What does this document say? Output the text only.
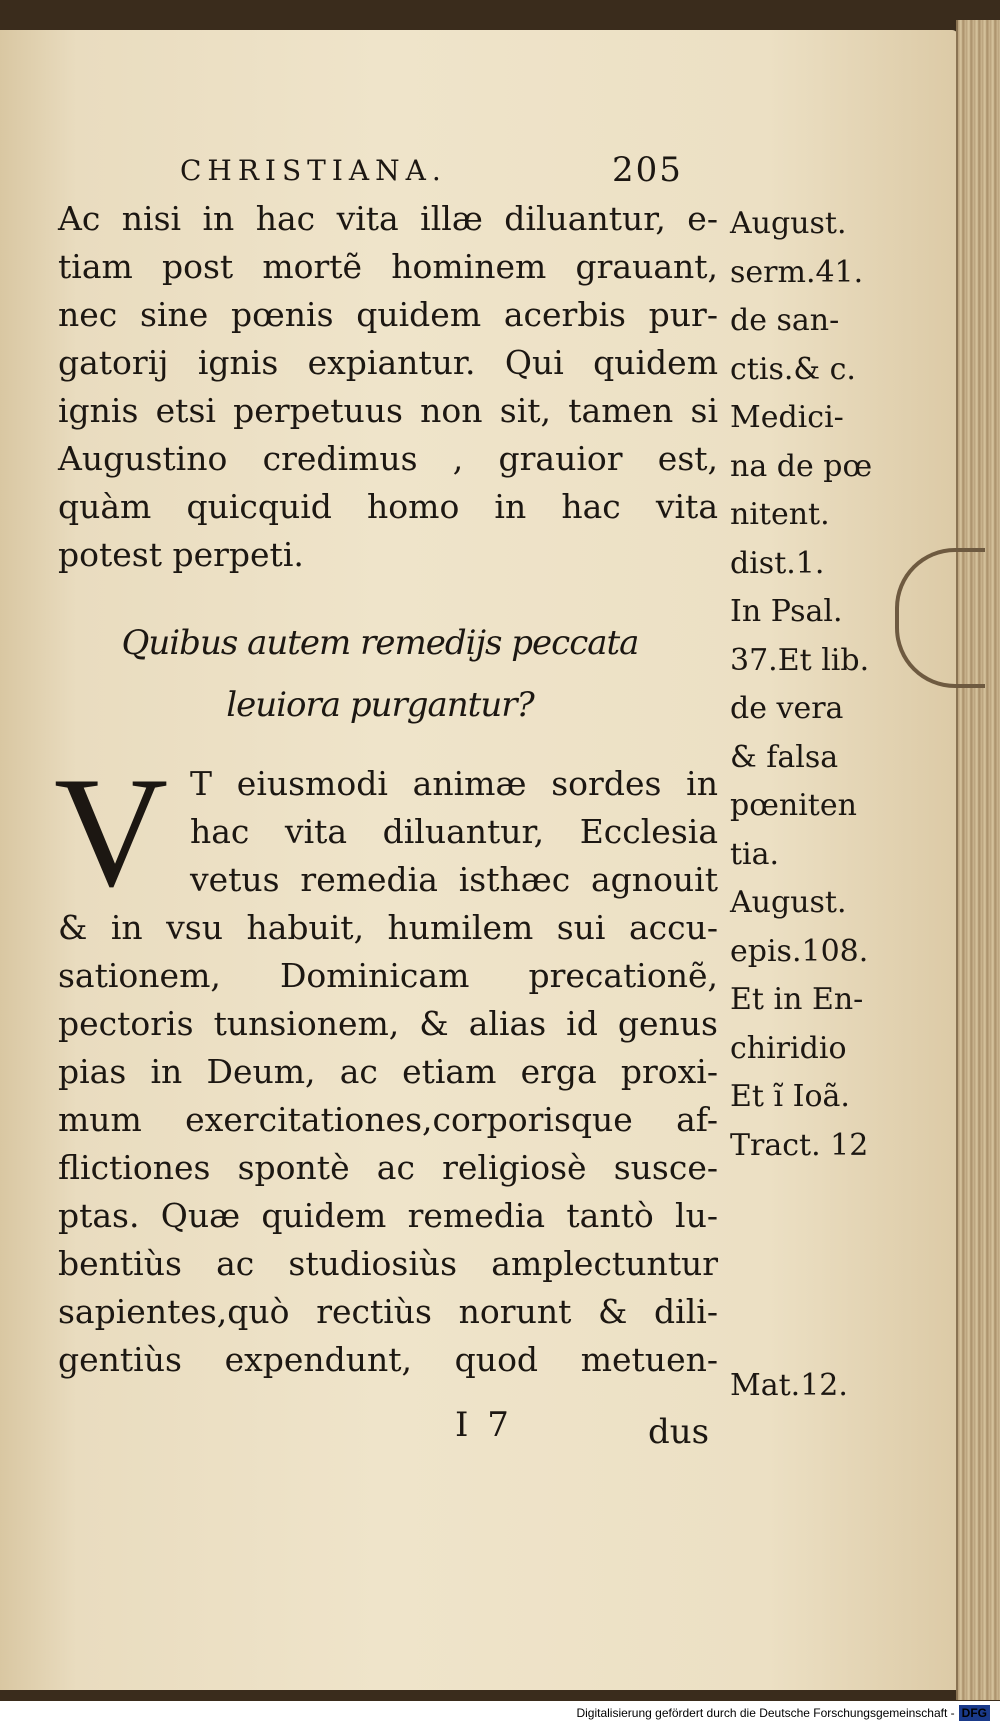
CHRISTIANA.	205
Ac nisi in hac vita illæ diluantur, e-
tiam post mortẽ hominem grauant,
nec sine pœnis quidem acerbis pur-
gatorij ignis expiantur. Qui quidem
ignis etsi perpetuus non sit, tamen si
Augustino credimus , grauior est,
quàm quicquid homo in hac vita
potest perpeti.
Quibus autem remedijs peccata
leuiora purgantur?
V T eiusmodi animæ sordes in
hac vita diluantur, Ecclesia
vetus remedia isthæc agnouit
& in vsu habuit, humilem sui accu-
sationem, Dominicam precationẽ,
pectoris tunsionem, & alias id genus
pias in Deum, ac etiam erga proxi-
mum exercitationes,corporisque af-
flictiones spontè ac religiosè susce-
ptas. Quæ quidem remedia tantò lu-
bentiùs ac studiosiùs amplectuntur
sapientes,quò rectiùs norunt & dili-
gentiùs expendunt, quod metuen-
August.
serm.41.
de san-
ctis.& c.
Medici-
na de pœ
nitent.
dist.1.
In Psal.
37.Et lib.
de vera
& falsa
pœniten
tia.
August.
epis.108.
Et in En-
chiridio
Et ĩ Ioã.
Tract. 12
Mat.12.
I 7	dus
Digitalisierung gefördert durch die Deutsche Forschungsgemeinschaft - DFG
